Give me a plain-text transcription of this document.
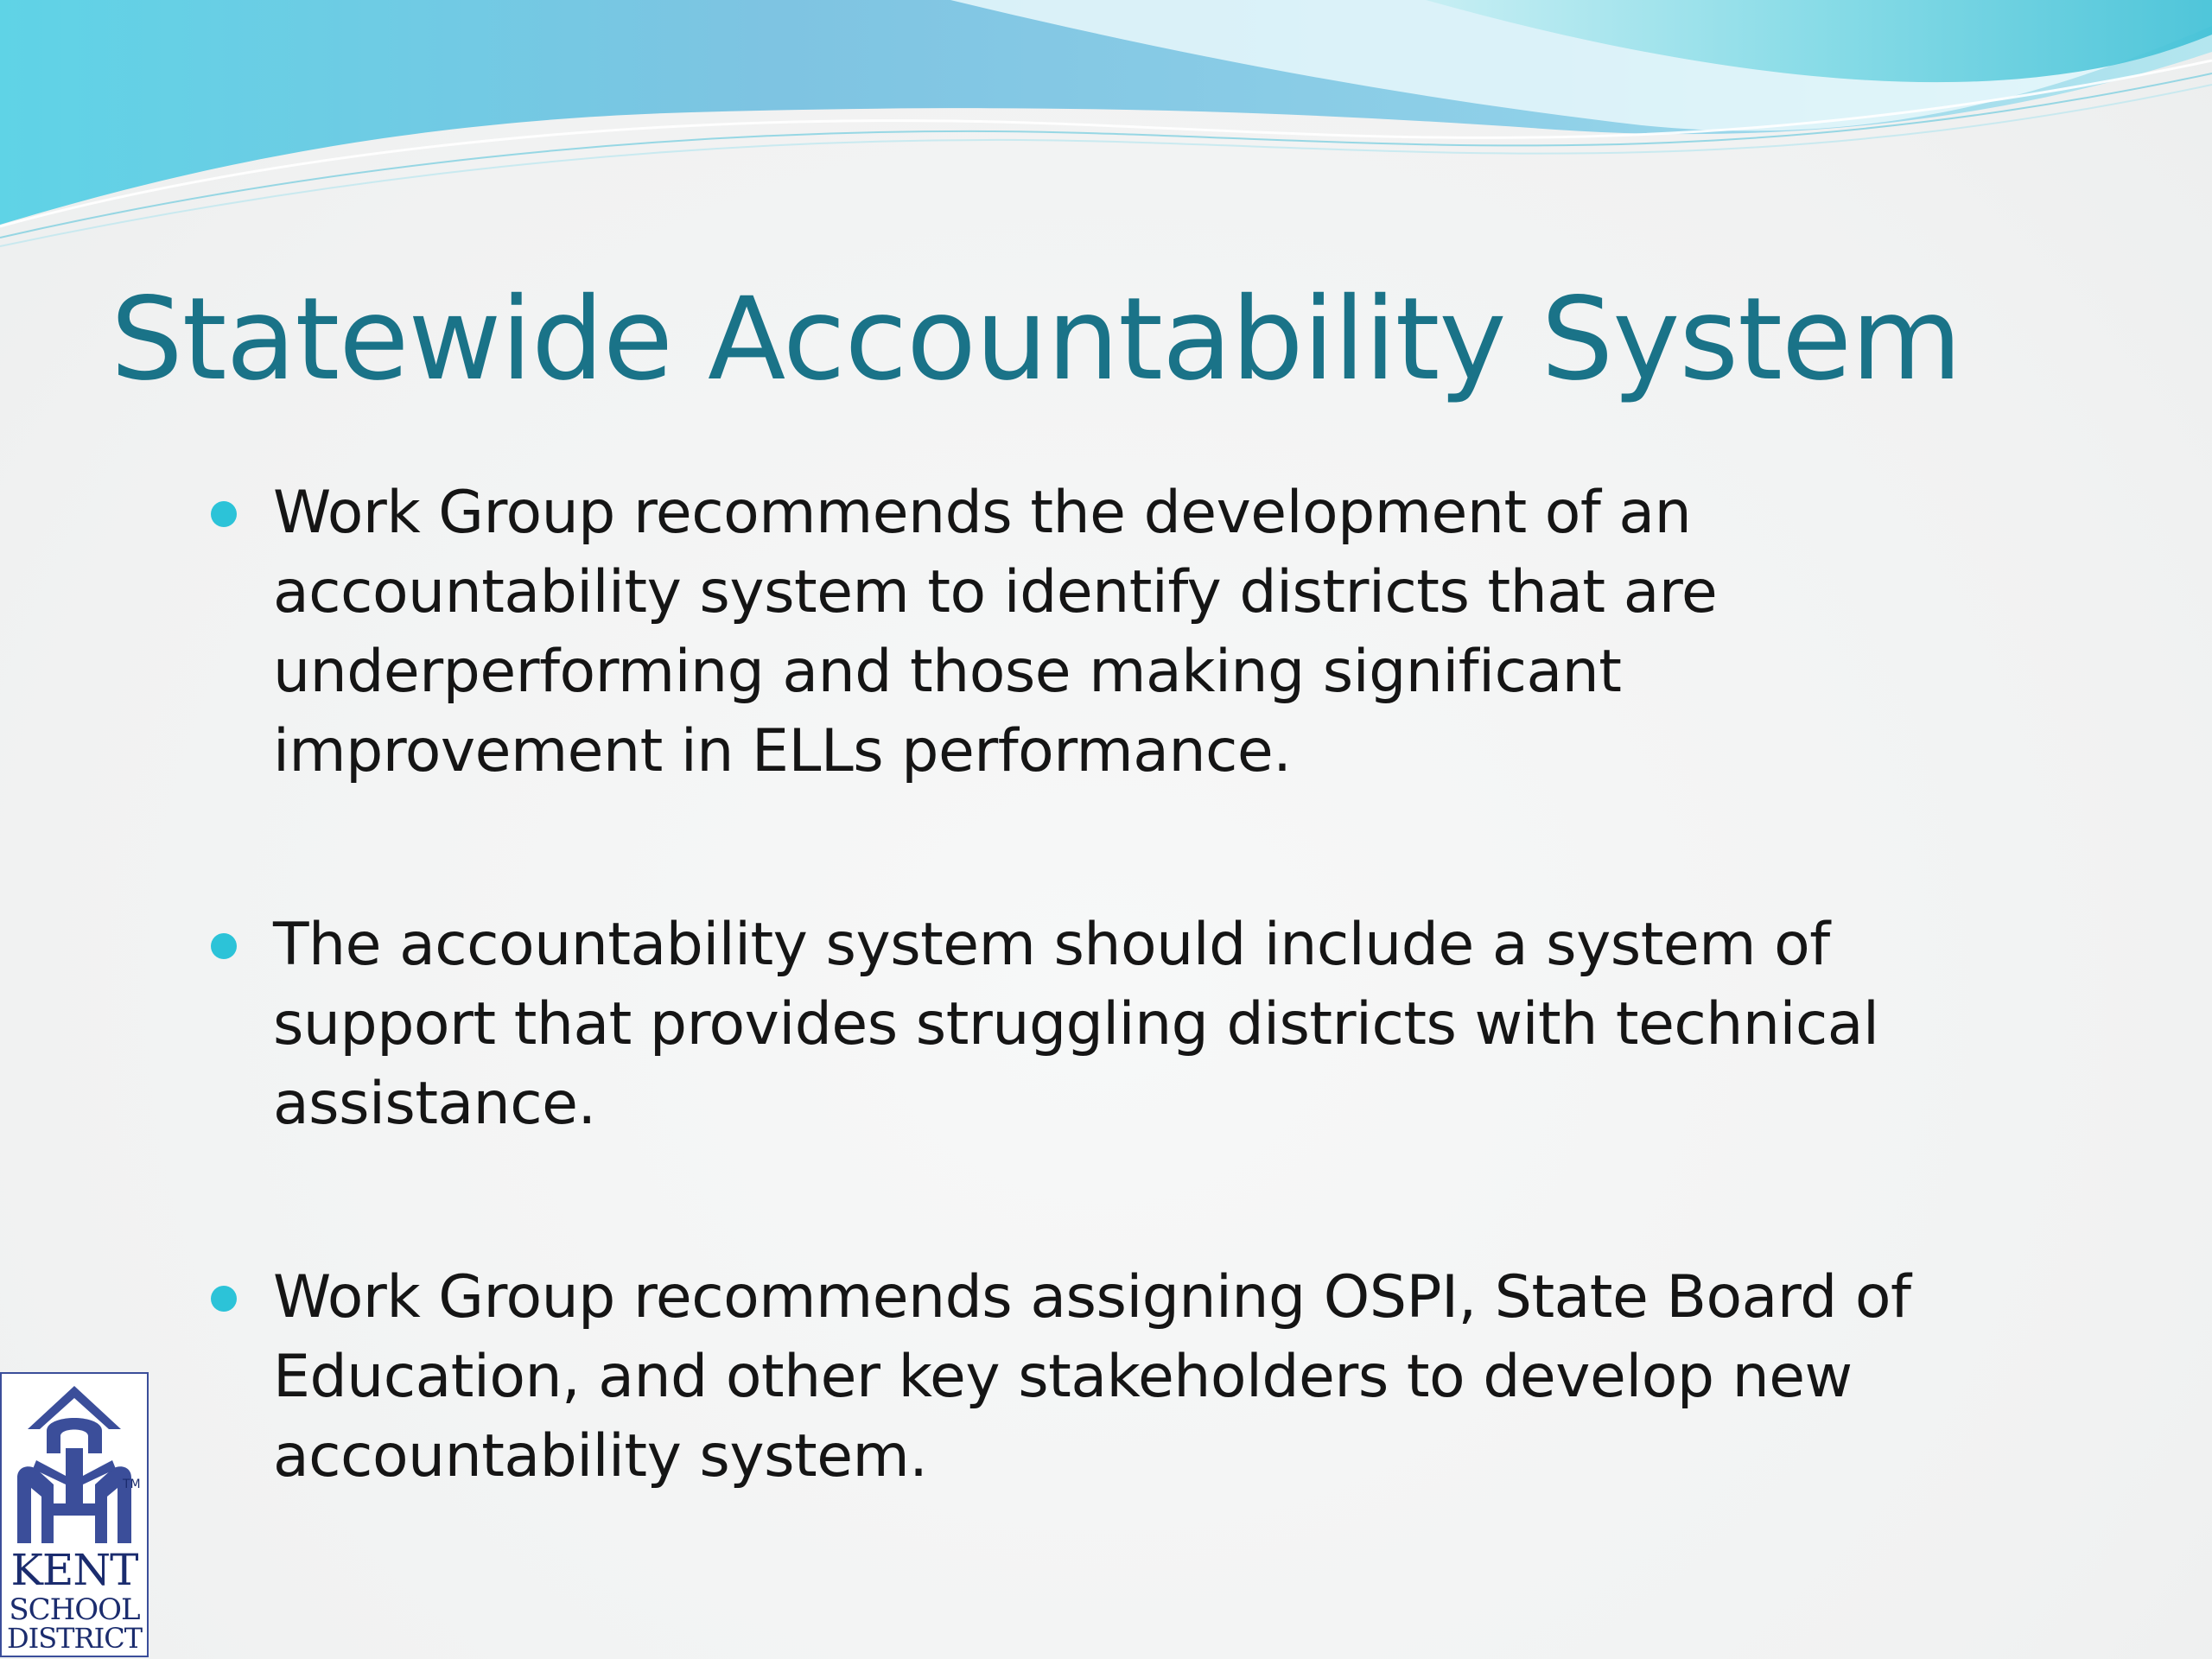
Statewide Accountability System
Work Group recommends the development of an accountability system to identify districts that are underperforming and those making significant improvement in ELLs performance.
The accountability system should include a system of support that provides struggling districts with technical assistance.
Work Group recommends assigning OSPI, State Board of Education, and other key stakeholders to develop new accountability system.
TM
KENT
SCHOOL
DISTRICT
